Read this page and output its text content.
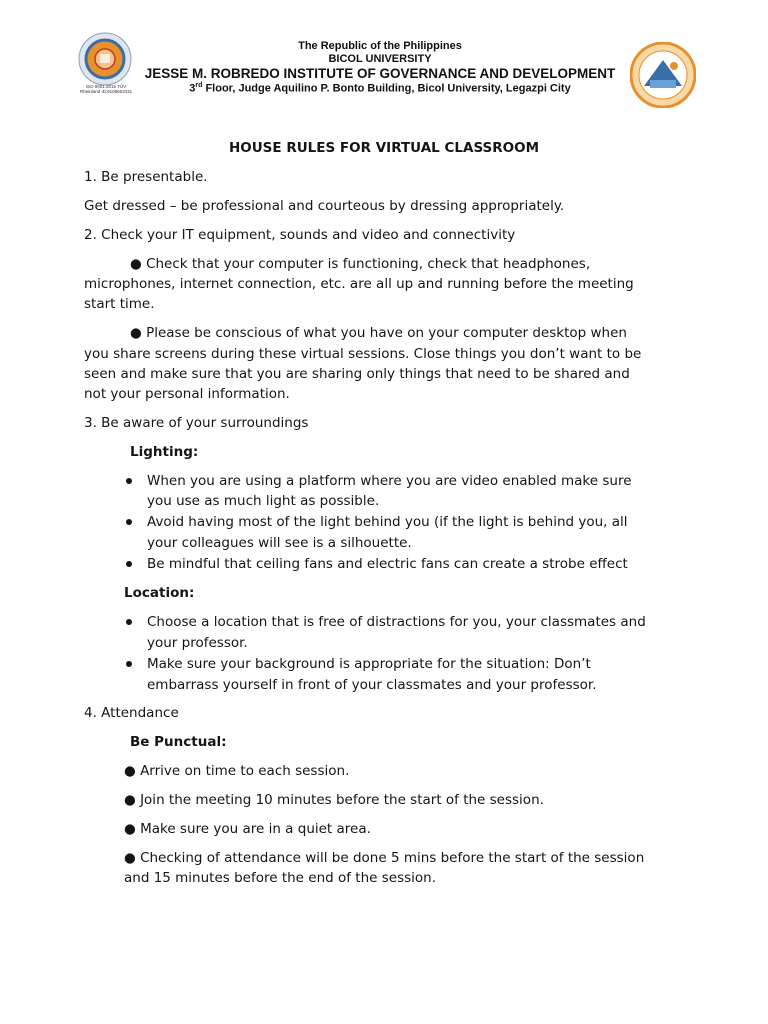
ISO 9001:2015 TÜV Rheinland ID:9108663331
The Republic of the Philippines
BICOL UNIVERSITY
JESSE M. ROBREDO INSTITUTE OF GOVERNANCE AND DEVELOPMENT
3rd Floor, Judge Aquilino P. Bonto Building, Bicol University, Legazpi City
HOUSE RULES FOR VIRTUAL CLASSROOM
1. Be presentable.
Get dressed – be professional and courteous by dressing appropriately.
2. Check your IT equipment, sounds and video and connectivity
● Check that your computer is functioning, check that headphones,
microphones, internet connection, etc. are all up and running before the meeting
start time.
● Please be conscious of what you have on your computer desktop when
you share screens during these virtual sessions. Close things you don’t want to be
seen and make sure that you are sharing only things that need to be shared and
not your personal information.
3. Be aware of your surroundings
Lighting:
When you are using a platform where you are video enabled make sure
you use as much light as possible.
Avoid having most of the light behind you (if the light is behind you, all
your colleagues will see is a silhouette.
Be mindful that ceiling fans and electric fans can create a strobe effect
Location:
Choose a location that is free of distractions for you, your classmates and
your professor.
Make sure your background is appropriate for the situation: Don’t
embarrass yourself in front of your classmates and your professor.
4. Attendance
Be Punctual:
● Arrive on time to each session.
● Join the meeting 10 minutes before the start of the session.
● Make sure you are in a quiet area.
● Checking of attendance will be done 5 mins before the start of the session
and 15 minutes before the end of the session.
